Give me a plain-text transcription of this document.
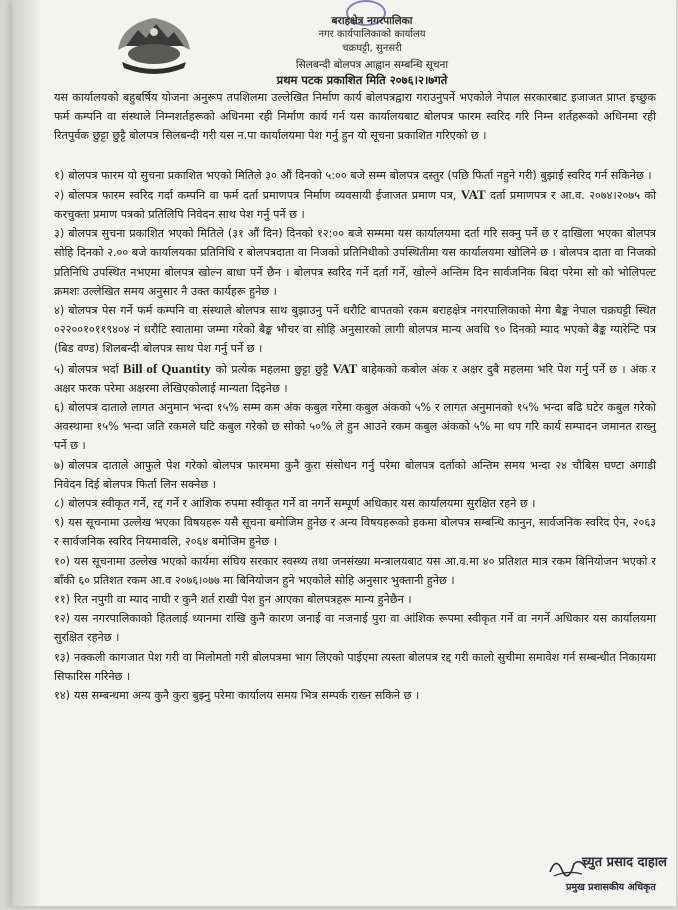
बराहक्षेत्र नगरपालिका
नगर कार्यपालिकाको कार्यालय
चक्रघट्टी, सुनसरी
सिलबन्दी बोलपत्र आह्वान सम्बन्धि सूचना
प्रथम पटक प्रकाशित मिति २०७६।२।७गते

यस कार्यालयको बहुबर्षिय योजना अनुरूप तपशिलमा उल्लेखित निर्माण कार्य बोलपत्रद्वारा गराउनुपर्ने भएकोले नेपाल सरकारबाट इजाजत प्राप्त इच्छुक फर्म कम्पनि वा संस्थाले निम्नशर्तहरूको अधिनमा रही निर्माण कार्य गर्न यस कार्यालयबाट बोलपत्र फारम स्वरिद गरि निम्न शर्तहरूको अधिनमा रही रितपुर्वक छुट्टा छुट्टै बोलपत्र सिलबन्दी गरी यस न.पा कार्यालयमा पेश गर्नु हुन यो सूचना प्रकाशित गरिएको छ ।

१) बोलपत्र फारम यो सुचना प्रकाशित भएको मितिले ३० औं दिनको ५:०० बजे सम्म बोलपत्र दस्तुर (पछि फिर्ता नहुने गरी) बुझाई स्वरिद गर्न सकिनेछ ।

२) बोलपत्र फारम स्वरिद गर्दा कम्पनि वा फर्म दर्ता प्रमाणपत्र निर्माण व्यवसायी ईजाजत प्रमाण पत्र, VAT दर्ता प्रमाणपत्र र आ.व. २०७४।२०७५ को करचुक्ता प्रमाण पत्रको प्रतिलिपि निवेदन साथ पेश गर्नु पर्ने छ ।

३) बोलपत्र सुचना प्रकाशित भएको मितिले (३१ औं दिन) दिनको १२:०० बजे सम्ममा यस कार्यालयमा दर्ता गरि सक्नु पर्ने छ र दाखिला भएका बोलपत्र सोहि दिनको २.०० बजे कार्यालयका प्रतिनिधि र बोलपत्रदाता वा निजको प्रतिनिधीको उपस्थितीमा यस कार्यालयमा खोलिने छ । बोलपत्र दाता वा निजको प्रतिनिधि उपस्थित नभएमा बोलपत्र खोल्न बाधा पर्ने छैन । बोलपत्र स्वरिद गर्ने दर्ता गर्ने, खोल्ने अन्तिम दिन सार्वजनिक बिदा परेमा सो को भोलिपल्ट क्रमशः उल्लेखित समय अनुसार नै उक्त कार्यहरू हुनेछ ।

४) बोलपत्र पेस गर्ने फर्म कम्पनि वा संस्थाले बोलपत्र साथ बुझाउनु पर्ने धरौटि बापतको रकम बराहक्षेत्र नगरपालिकाको मेगा बैङ्क नेपाल चक्रघट्टी स्थित ०२२००१०११९४०४ नं धरौटि स्वातामा जम्मा गरेको बैङ्क भौचर वा सोहि अनुसारको लागी बोलपत्र मान्य अवधि ९० दिनको म्याद भएको बैङ्क ग्यारेन्टि पत्र (बिड वण्ड) शिलबन्दी बोलपत्र साथ पेश गर्नु पर्ने छ ।

५) बोलपत्र भर्दा Bill of Quantity को प्रत्येक महलमा छुट्टा छुट्टै VAT बाहेकको कबोल अंक र अक्षर दुबै महलमा भरि पेश गर्नु पर्ने छ । अंक र अक्षर फरक परेमा अक्षरमा लेखिएकोलाई मान्यता दिइनेछ ।

६) बोलपत्र दाताले लागत अनुमान भन्दा १५% सम्म कम अंक कबुल गरेमा कबुल अंकको ५% र लागत अनुमानको १५% भन्दा बढि घटेर कबुल गरेको अवस्थामा १५% भन्दा जति रकमले घटि कबुल गरेको छ सोको ५०% ले हुन आउने रकम कबुल अंकको ५% मा थप गरि कार्य सम्पादन जमानत राख्नु पर्ने छ ।

७) बोलपत्र दाताले आफुले पेश गरेको बोलपत्र फारममा कुनै कुरा संसोधन गर्नु परेमा बोलपत्र दर्ताको अन्तिम समय भन्दा २४ चौबिस घण्टा अगाडी निवेदन दिई बोलपत्र फिर्ता लिन सक्नेछ ।

८) बोलपत्र स्वीकृत गर्ने, रद्द गर्ने र आंशिक रुपमा स्वीकृत गर्ने वा नगर्ने सम्पूर्ण अधिकार यस कार्यालयमा सुरक्षित रहने छ ।

९) यस सूचनामा उल्लेख भएका विषयहरू यसै सूचना बमोजिम हुनेछ र अन्य विषयहरूको हकमा बोलपत्र सम्बन्धि कानुन, सार्वजनिक स्वरिद ऐन, २०६३ र सार्वजनिक स्वरिद नियमावलि, २०६४ बमोजिम हुनेछ ।

१०) यस सूचनामा उल्लेख भएको कार्यमा संघिय सरकार स्वस्थ्य तथा जनसंख्या मन्त्रालयबाट यस आ.व.मा ४० प्रतिशत मात्र रकम बिनियोजन भएको र बाँकी ६० प्रतिशत रकम आ.व २०७६।०७७ मा बिनियोजन हुने भएकोले सोहि अनुसार भुक्तानी हुनेछ ।

११) रित नपुगी वा म्याद नाघी र कुनै शर्त राखी पेश हुन आएका बोलपत्रहरू मान्य हुनेछैन ।

१२) यस नगरपालिकाको हितलाई ध्यानमा राखि कुनै कारण जनाई वा नजनाई पुरा वा आंशिक रूपमा स्वीकृत गर्ने वा नगर्ने अधिकार यस कार्यालयमा सुरक्षित रहनेछ ।

१३) नक्कली कागजात पेश गरी वा मिलोमतो गरी बोलपत्रमा भाग लिएको पाईएमा त्यस्ता बोलपत्र रद्द गरी कालो सुचीमा समावेश गर्न सम्बन्धीत निकायमा सिफारिस गरिनेछ ।

१४) यस सम्बन्धमा अन्य कुनै कुरा बुझ्नु परेमा कार्यालय समय भित्र सम्पर्क राख्न सकिने छ ।

च्युत प्रसाद दाहाल
प्रमुख प्रशासकीय अधिकृत
